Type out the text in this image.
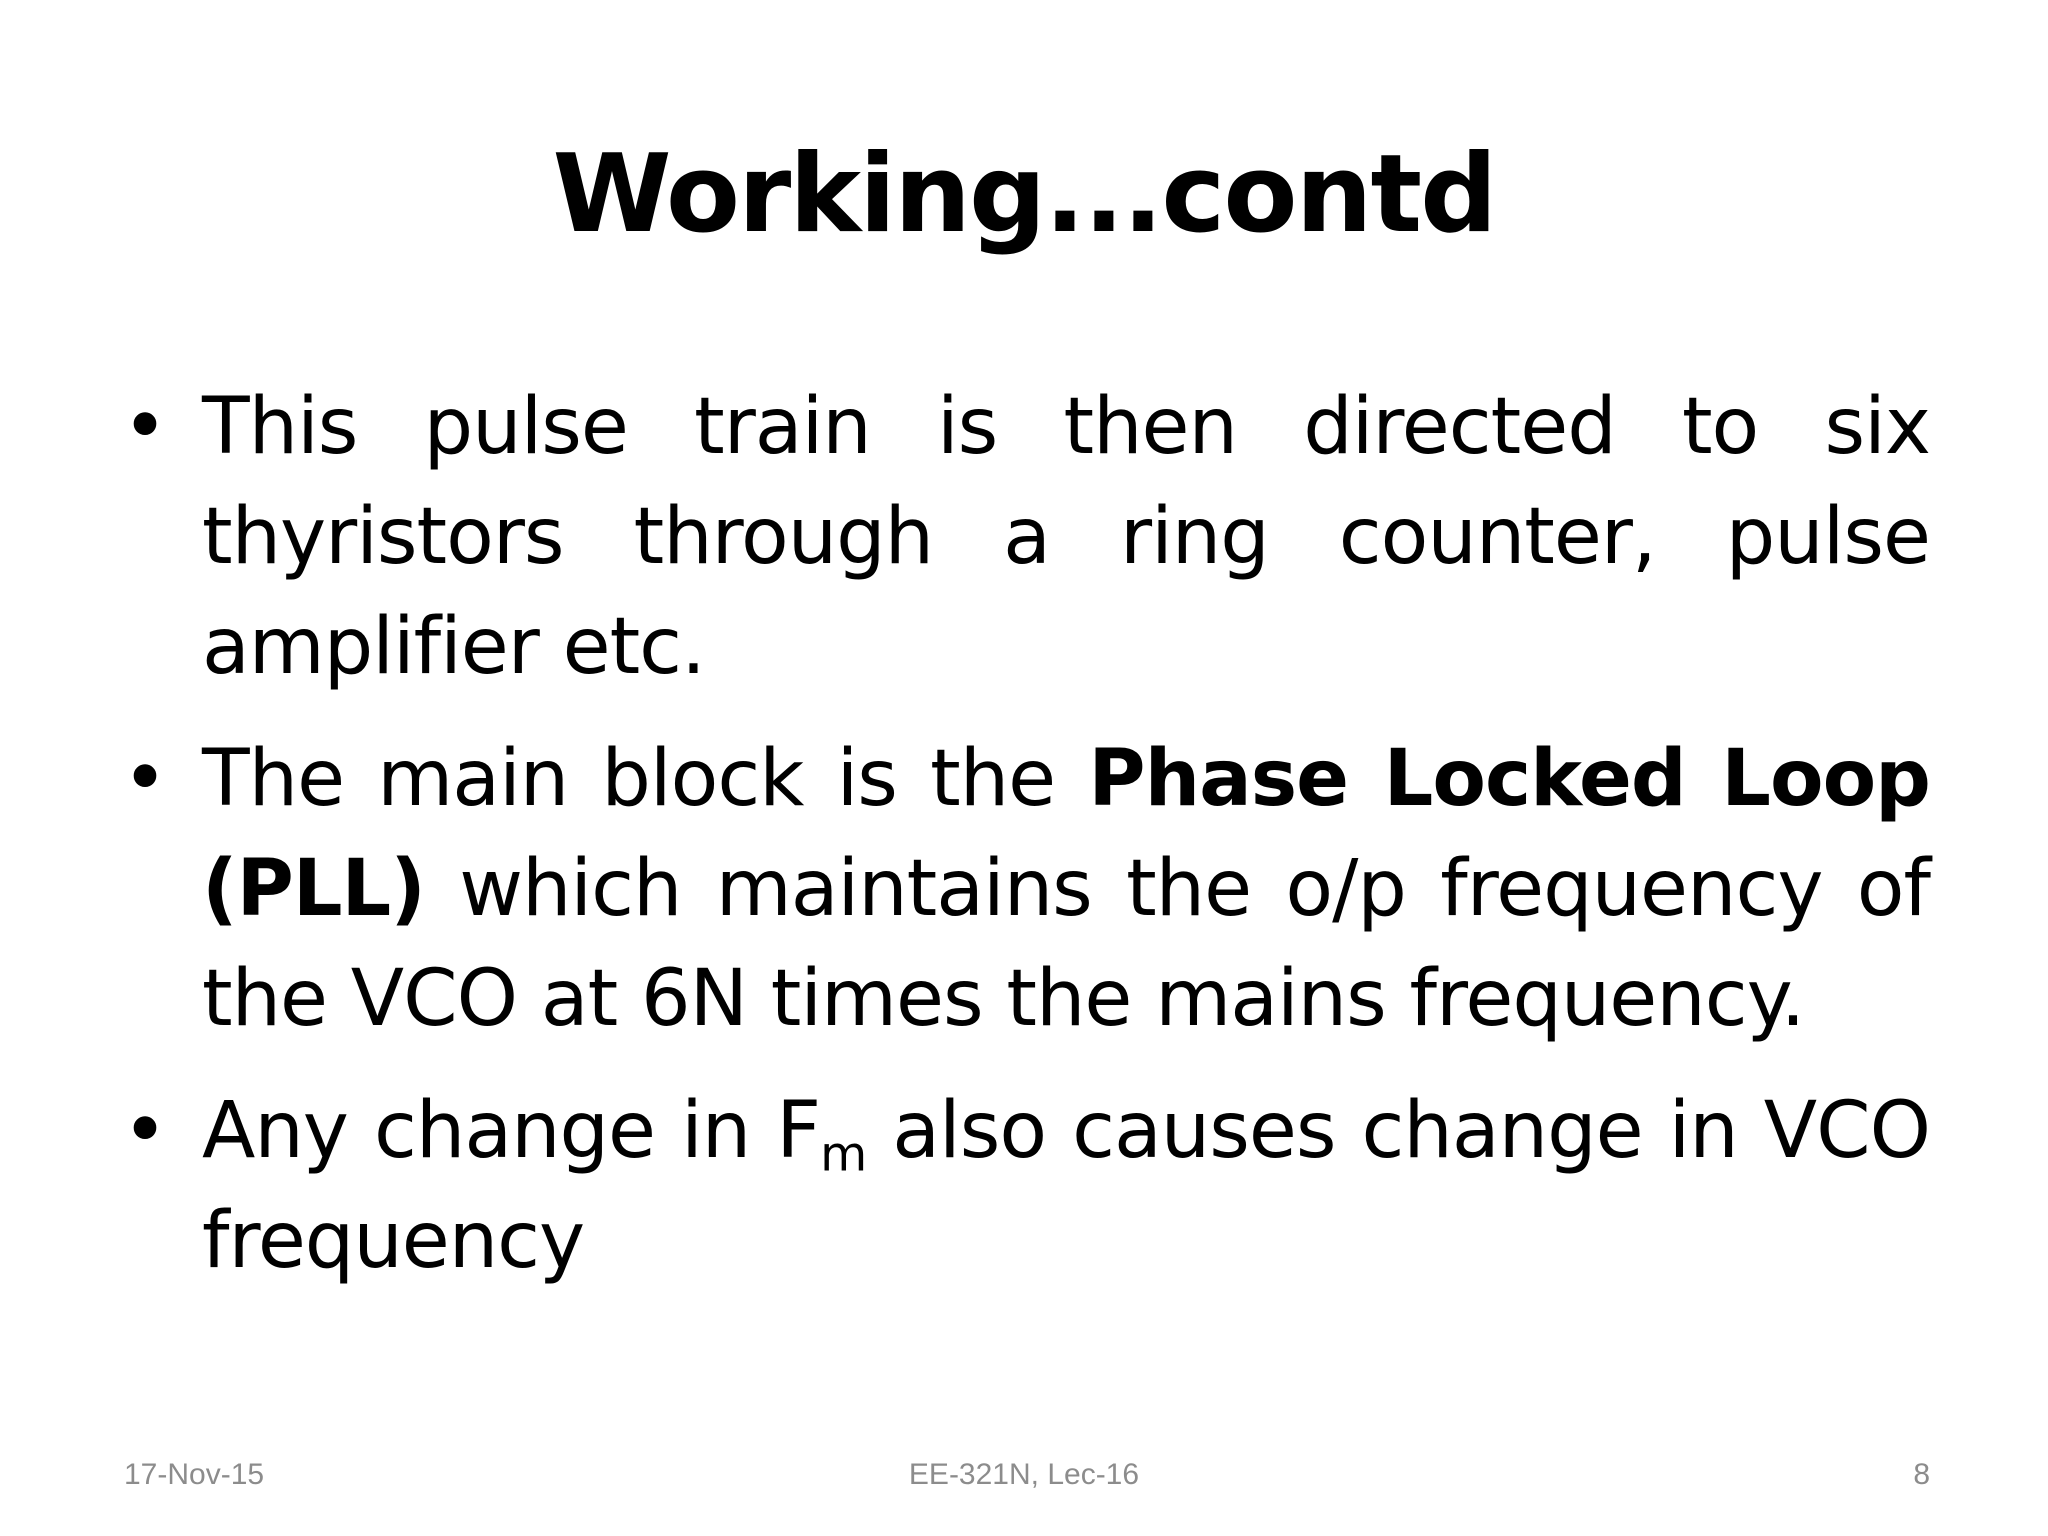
Working...contd
• This pulse train is then directed to six thyristors through a ring counter, pulse amplifier etc.
• The main block is the Phase Locked Loop (PLL) which maintains the o/p frequency of the VCO at 6N times the mains frequency.
• Any change in $F_m$ also causes change in VCO frequency
17-Nov-15	EE-321N, Lec-16	8
